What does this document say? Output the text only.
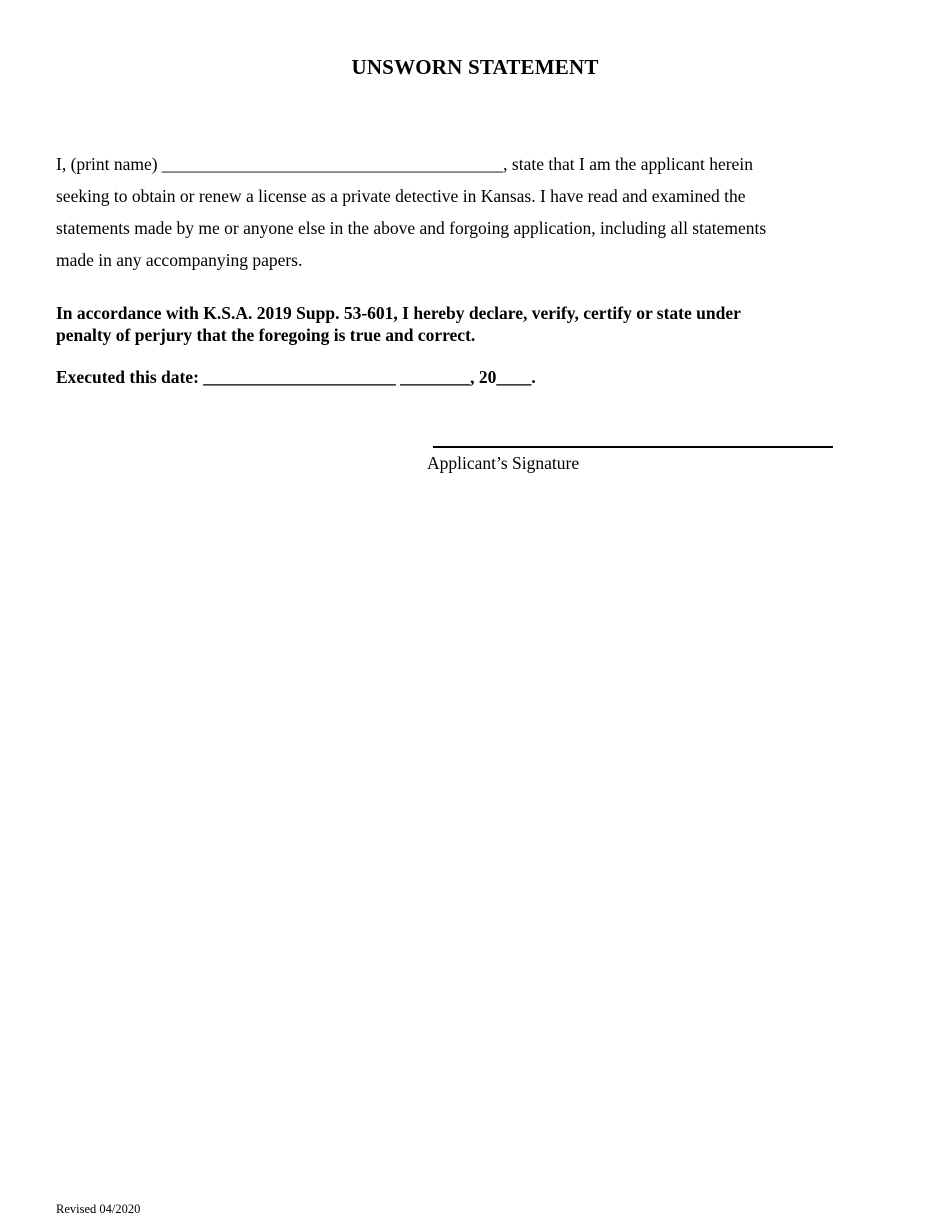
UNSWORN STATEMENT

I, (print name) _______________________________________, state that I am the applicant herein
seeking to obtain or renew a license as a private detective in Kansas. I have read and examined the
statements made by me or anyone else in the above and forgoing application, including all statements
made in any accompanying papers.

In accordance with K.S.A. 2019 Supp. 53-601, I hereby declare, verify, certify or state under
penalty of perjury that the foregoing is true and correct.

Executed this date: ______________________ ________, 20____.

Applicant’s Signature
Revised 04/2020
